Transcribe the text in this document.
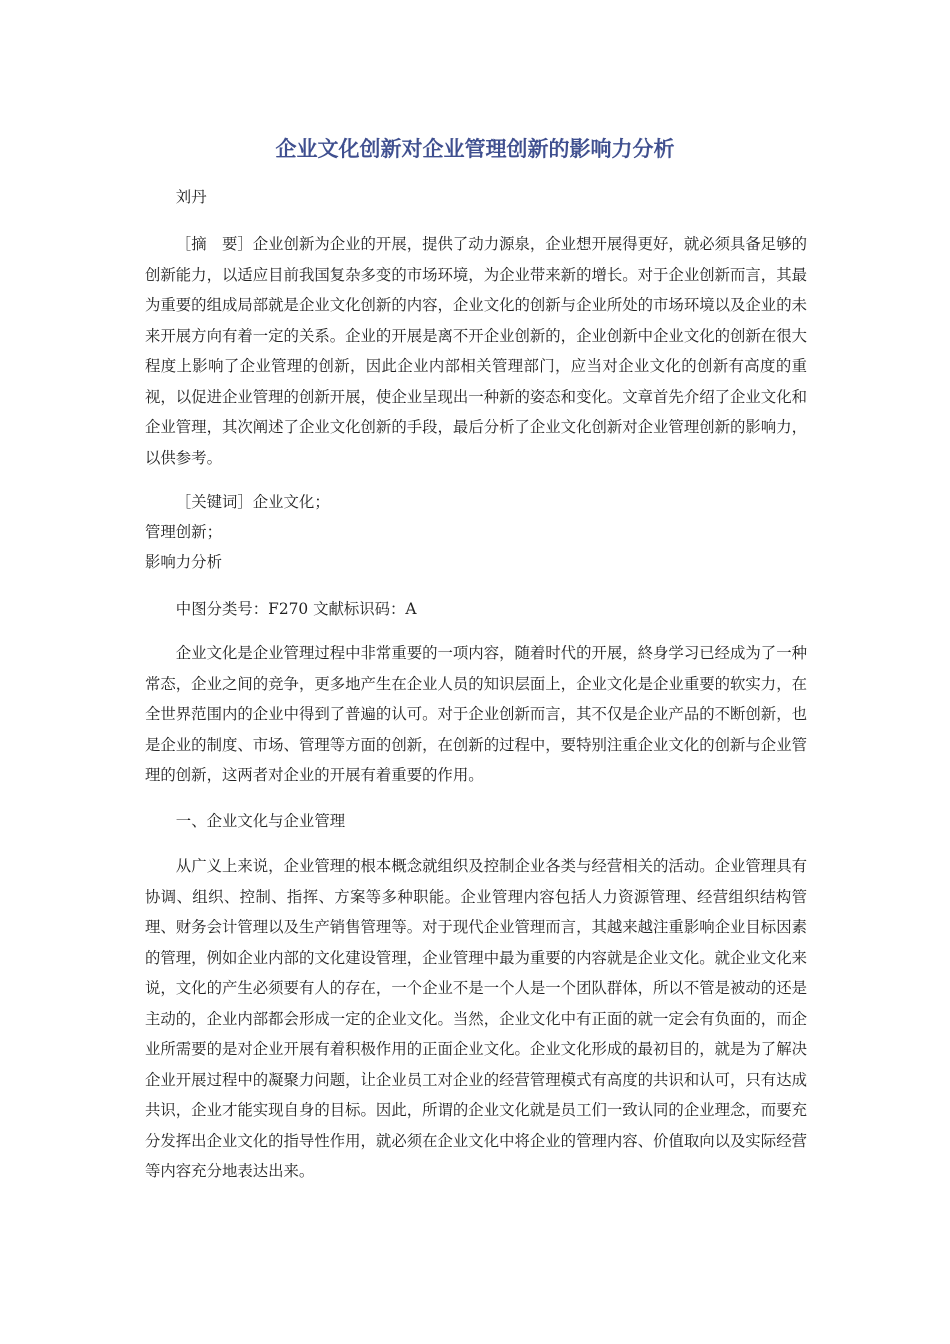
企业文化创新对企业管理创新的影响力分析

刘丹

［摘　要］企业创新为企业的开展，提供了动力源泉，企业想开展得更好，就必须具备足够的创新能力，以适应目前我国复杂多变的市场环境，为企业带来新的增长。对于企业创新而言，其最为重要的组成局部就是企业文化创新的内容，企业文化的创新与企业所处的市场环境以及企业的未来开展方向有着一定的关系。企业的开展是离不开企业创新的，企业创新中企业文化的创新在很大程度上影响了企业管理的创新，因此企业内部相关管理部门，应当对企业文化的创新有高度的重视，以促进企业管理的创新开展，使企业呈现出一种新的姿态和变化。文章首先介绍了企业文化和企业管理，其次阐述了企业文化创新的手段，最后分析了企业文化创新对企业管理创新的影响力，以供参考。

［关键词］企业文化；

管理创新；

影响力分析

中图分类号：F270 文献标识码：A

企业文化是企业管理过程中非常重要的一项内容，随着时代的开展，終身学习已经成为了一种常态，企业之间的竞争，更多地产生在企业人员的知识层面上，企业文化是企业重要的软实力，在全世界范围内的企业中得到了普遍的认可。对于企业创新而言，其不仅是企业产品的不断创新，也是企业的制度、市场、管理等方面的创新，在创新的过程中，要特别注重企业文化的创新与企业管理的创新，这两者对企业的开展有着重要的作用。

一、企业文化与企业管理

从广义上来说，企业管理的根本概念就组织及控制企业各类与经营相关的活动。企业管理具有协调、组织、控制、指挥、方案等多种职能。企业管理内容包括人力资源管理、经营组织结构管理、财务会计管理以及生产销售管理等。对于现代企业管理而言，其越来越注重影响企业目标因素的管理，例如企业内部的文化建设管理，企业管理中最为重要的内容就是企业文化。就企业文化来说，文化的产生必须要有人的存在，一个企业不是一个人是一个团队群体，所以不管是被动的还是主动的，企业内部都会形成一定的企业文化。当然，企业文化中有正面的就一定会有负面的，而企业所需要的是对企业开展有着积极作用的正面企业文化。企业文化形成的最初目的，就是为了解决企业开展过程中的凝聚力问题，让企业员工对企业的经营管理模式有高度的共识和认可，只有达成共识，企业才能实现自身的目标。因此，所谓的企业文化就是员工们一致认同的企业理念，而要充分发挥出企业文化的指导性作用，就必须在企业文化中将企业的管理内容、价值取向以及实际经营等内容充分地表达出来。
